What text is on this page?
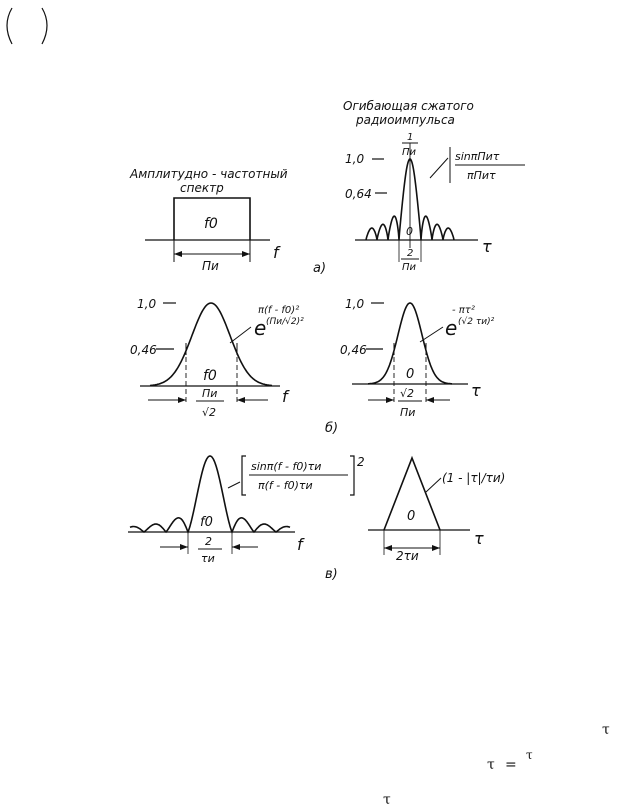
Амплитудно - частотный
спектр
f0
Пи
f
Огибающая сжатого
радиоимпульса
1,0
0,64
1
Пи	sinπПиτ
πПиτ
0
2
Пи
τ
а)
1,0
0,46
π(f - f0)²
e (Пи/√2)²
f0
Пи
√2
f
1,0
0,46
- πτ²
e (√2 τи)²
0
√2
Пи
τ
б)
sinπ(f - f0)τи
π(f - f0)τи
2
f0
2
τи
f
(1 - |τ|/τи)
0
2τи
τ
в)
τ
τ =
τ
τ
